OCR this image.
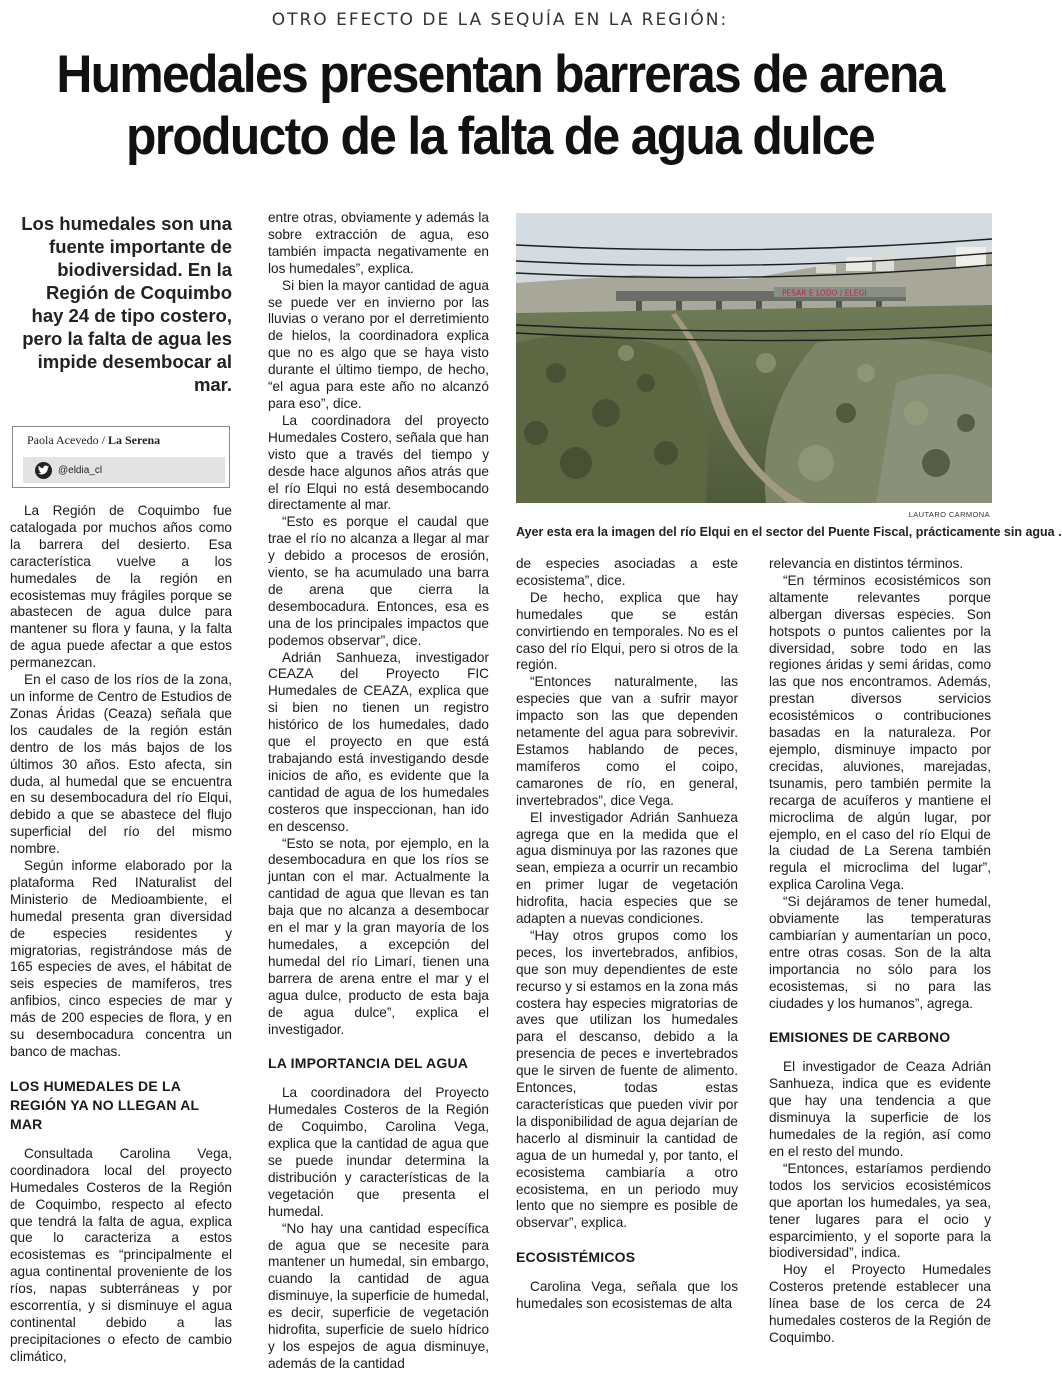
OTRO EFECTO DE LA SEQUÍA EN LA REGIÓN:
Humedales presentan barreras de arena producto de la falta de agua dulce
Los humedales son una fuente importante de biodiversidad. En la Región de Coquimbo hay 24 de tipo costero, pero la falta de agua les impide desembocar al mar.
Paola Acevedo / La Serena
@eldia_cl

La Región de Coquimbo fue catalogada por muchos años como la barrera del desierto. Esa característica vuelve a los humedales de la región en ecosistemas muy frágiles porque se abastecen de agua dulce para mantener su flora y fauna, y la falta de agua puede afectar a que estos permanezcan.

En el caso de los ríos de la zona, un informe de Centro de Estudios de Zonas Áridas (Ceaza) señala que los caudales de la región están dentro de los más bajos de los últimos 30 años. Esto afecta, sin duda, al humedal que se encuentra en su desembocadura del río Elqui, debido a que se abastece del flujo superficial del río del mismo nombre.

Según informe elaborado por la plataforma Red INaturalist del Ministerio de Medioambiente, el humedal presenta gran diversidad de especies residentes y migratorias, registrándose más de 165 especies de aves, el hábitat de seis especies de mamíferos, tres anfibios, cinco especies de mar y más de 200 especies de flora, y en su desembocadura concentra un banco de machas.

LOS HUMEDALES DE LA REGIÓN YA NO LLEGAN AL MAR

Consultada Carolina Vega, coordinadora local del proyecto Humedales Costeros de la Región de Coquimbo, respecto al efecto que tendrá la falta de agua, explica que lo caracteriza a estos ecosistemas es “principalmente el agua continental proveniente de los ríos, napas subterráneas y por escorrentía, y si disminuye el agua continental debido a las precipitaciones o efecto de cambio climático,

entre otras, obviamente y además la sobre extracción de agua, eso también impacta negativamente en los humedales”, explica.

Si bien la mayor cantidad de agua se puede ver en invierno por las lluvias o verano por el derretimiento de hielos, la coordinadora explica que no es algo que se haya visto durante el último tiempo, de hecho, “el agua para este año no alcanzó para eso”, dice.

La coordinadora del proyecto Humedales Costero, señala que han visto que a través del tiempo y desde hace algunos años atrás que el río Elqui no está desembocando directamente al mar.

“Esto es porque el caudal que trae el río no alcanza a llegar al mar y debido a procesos de erosión, viento, se ha acumulado una barra de arena que cierra la desembocadura. Entonces, esa es una de los principales impactos que podemos observar”, dice.

Adrián Sanhueza, investigador CEAZA del Proyecto FIC Humedales de CEAZA, explica que si bien no tienen un registro histórico de los humedales, dado que el proyecto en que está trabajando está investigando desde inicios de año, es evidente que la cantidad de agua de los humedales costeros que inspeccionan, han ido en descenso.

“Esto se nota, por ejemplo, en la desembocadura en que los ríos se juntan con el mar. Actualmente la cantidad de agua que llevan es tan baja que no alcanza a desembocar en el mar y la gran mayoría de los humedales, a excepción del humedal del río Limarí, tienen una barrera de arena entre el mar y el agua dulce, producto de esta baja de agua dulce”, explica el investigador.

LA IMPORTANCIA DEL AGUA

La coordinadora del Proyecto Humedales Costeros de la Región de Coquimbo, Carolina Vega, explica que la cantidad de agua que se puede inundar determina la distribución y características de la vegetación que presenta el humedal.

“No hay una cantidad específica de agua que se necesite para mantener un humedal, sin embargo, cuando la cantidad de agua disminuye, la superficie de humedal, es decir, superficie de vegetación hidrofita, superficie de suelo hídrico y los espejos de agua disminuye, además de la cantidad

PESAR E LODO / ELEGI
LAUTARO CARMONA
Ayer esta era la imagen del río Elqui en el sector del Puente Fiscal, prácticamente sin agua .

de especies asociadas a este ecosistema”, dice.

De hecho, explica que hay humedales que se están convirtiendo en temporales. No es el caso del río Elqui, pero si otros de la región.

“Entonces naturalmente, las especies que van a sufrir mayor impacto son las que dependen netamente del agua para sobrevivir. Estamos hablando de peces, mamíferos como el coipo, camarones de río, en general, invertebrados”, dice Vega.

El investigador Adrián Sanhueza agrega que en la medida que el agua disminuya por las razones que sean, empieza a ocurrir un recambio en primer lugar de vegetación hidrofita, hacia especies que se adapten a nuevas condiciones.

“Hay otros grupos como los peces, los invertebrados, anfibios, que son muy dependientes de este recurso y si estamos en la zona más costera hay especies migratorias de aves que utilizan los humedales para el descanso, debido a la presencia de peces e invertebrados que le sirven de fuente de alimento. Entonces, todas estas características que pueden vivir por la disponibilidad de agua dejarían de hacerlo al disminuir la cantidad de agua de un humedal y, por tanto, el ecosistema cambiaría a otro ecosistema, en un periodo muy lento que no siempre es posible de observar”, explica.

ECOSISTÉMICOS

Carolina Vega, señala que los humedales son ecosistemas de alta

relevancia en distintos términos.

“En términos ecosistémicos son altamente relevantes porque albergan diversas especies. Son hotspots o puntos calientes por la diversidad, sobre todo en las regiones áridas y semi áridas, como las que nos encontramos. Además, prestan diversos servicios ecosistémicos o contribuciones basadas en la naturaleza. Por ejemplo, disminuye impacto por crecidas, aluviones, marejadas, tsunamis, pero también permite la recarga de acuíferos y mantiene el microclima de algún lugar, por ejemplo, en el caso del río Elqui de la ciudad de La Serena también regula el microclima del lugar”, explica Carolina Vega.

“Si dejáramos de tener humedal, obviamente las temperaturas cambiarían y aumentarían un poco, entre otras cosas. Son de la alta importancia no sólo para los ecosistemas, si no para las ciudades y los humanos”, agrega.

EMISIONES DE CARBONO

El investigador de Ceaza Adrián Sanhueza, indica que es evidente que hay una tendencia a que disminuya la superficie de los humedales de la región, así como en el resto del mundo.

“Entonces, estaríamos perdiendo todos los servicios ecosistémicos que aportan los humedales, ya sea, tener lugares para el ocio y esparcimiento, y el soporte para la biodiversidad”, indica.

Hoy el Proyecto Humedales Costeros pretende establecer una línea base de los cerca de 24 humedales costeros de la Región de Coquimbo.
